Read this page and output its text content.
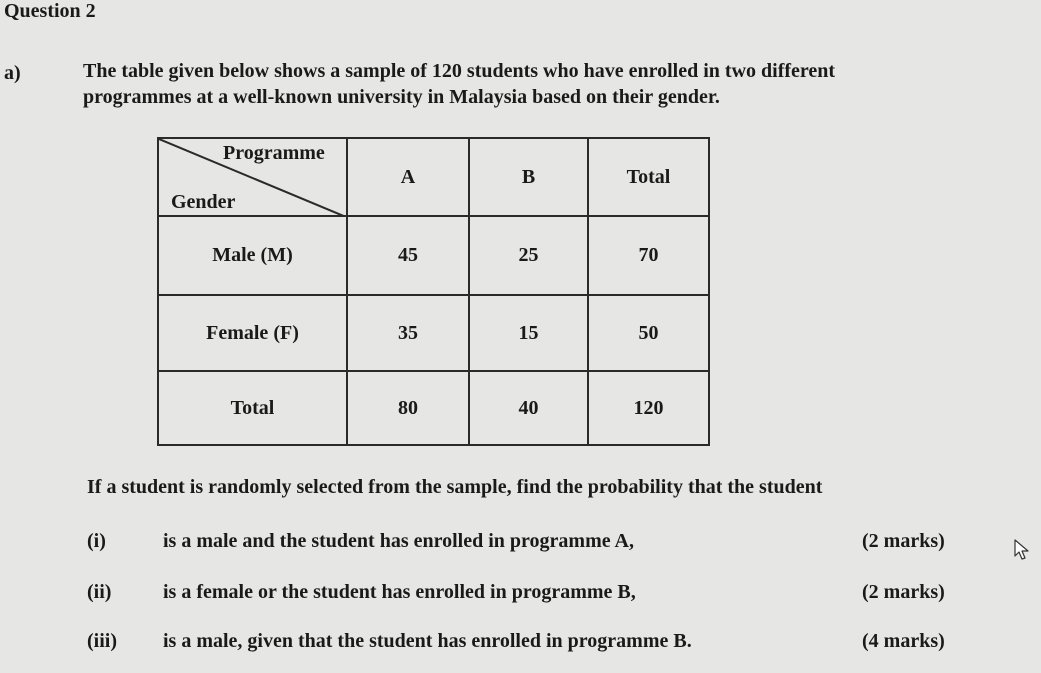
Question 2
a)	The table given below shows a sample of 120 students who have enrolled in two different
programmes at a well-known university in Malaysia based on their gender.
Programme
Gender
A	B	Total
Male (M)	45	25	70
Female (F)	35	15	50
Total	80	40	120
If a student is randomly selected from the sample, find the probability that the student
(i)	is a male and the student has enrolled in programme A,	(2 marks)
(ii)	is a female or the student has enrolled in programme B,	(2 marks)
(iii) is a male, given that the student has enrolled in programme B.	(4 marks)
